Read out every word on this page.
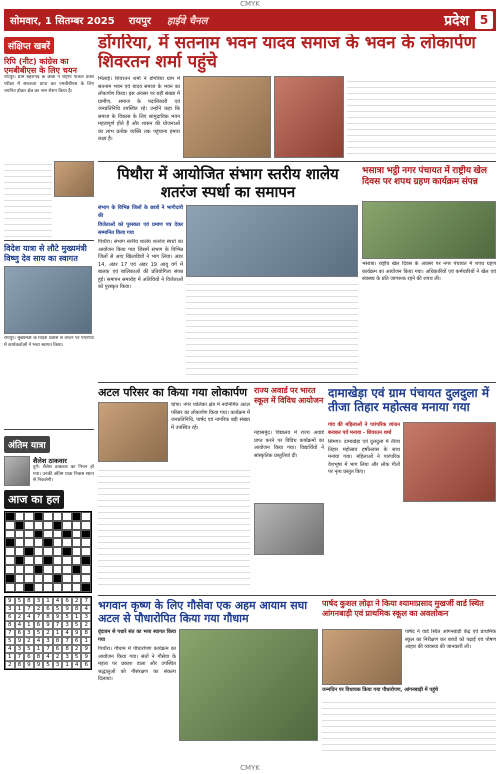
CMYK
सोमवार, 1 सितम्बर 2025	रायपुर	हाईवे चैनल	प्रदेश 5
संक्षिप्त खबरें
रिपि (नीट) कांग्रेस का एमबीबीएस के लिए चयन
रायपुर। ग्राम बहरागढ़ के छात्रों ने राष्ट्रीय पात्रता प्रवेश परीक्षा में सफलता प्राप्त कर एमबीबीएस के लिए चयनित होकर क्षेत्र का नाम रोशन किया है।
विदेश यात्रा से लौटे मुख्यमंत्री विष्णु देव साय का स्वागत
रायपुर। मुख्यमंत्री के विदेश प्रवास से लौटने पर एयरपोर्ट में कार्यकर्ताओं ने भव्य स्वागत किया।
अंतिम यात्रा
शैलेश ठाकवार
दुर्ग। शैलेश ठाकवार का निधन हो गया। उनकी अंतिम यात्रा निवास स्थान से निकलेगी।
आज का हल
9	5	8	3	1	4	6	2	7
3	1	7	2	6	5	9	8	4
6	2	4	7	8	9	5	1	3
8	4	1	6	9	7	3	5	2
7	6	3	5	2	1	4	9	8
5	9	2	4	3	8	7	6	1
4	3	5	1	7	6	8	2	9
1	7	6	8	4	2	3	5	9
2	8	9	9	5	3	1	4	6
डोंगरिया, में सतनाम भवन यादव समाज के भवन के लोकार्पण शिवरतन शर्मा पहुंचे
भिलाई। शिवरतन शर्मा ने डोंगरिया ग्राम में सतनाम भवन एवं यादव समाज के भवन का लोकार्पण किया। इस अवसर पर बड़ी संख्या में ग्रामीण, समाज के पदाधिकारी एवं जनप्रतिनिधि उपस्थित रहे। उन्होंने कहा कि समाज के विकास के लिए सामुदायिक भवन महत्वपूर्ण होते हैं और शासन की योजनाओं का लाभ प्रत्येक व्यक्ति तक पहुंचाना हमारा लक्ष्य है।
पिथौरा में आयोजित संभाग स्तरीय शालेय शतरंज स्पर्धा का समापन
संभाग के विभिन्न जिलों के छात्रों ने भागीदारी की
विजेताओं को पुरस्कार एवं प्रमाण पत्र देकर सम्मानित किया गया
पिथौरा। संभाग स्तरीय शालेय शतरंज स्पर्धा का आयोजन किया गया जिसमें संभाग के विभिन्न जिलों से आए खिलाड़ियों ने भाग लिया। अंडर 14, अंडर 17 एवं अंडर 19 आयु वर्ग में बालक एवं बालिकाओं की प्रतियोगिता संपन्न हुई। समापन समारोह में अतिथियों ने विजेताओं को पुरस्कृत किया।
भसात्रा भट्ठी नगर पंचायत में राष्ट्रीय खेल दिवस पर शपथ ग्रहण कार्यक्रम संपन्न
भसात्रा। राष्ट्रीय खेल दिवस के अवसर पर नगर पंचायत में शपथ ग्रहण कार्यक्रम का आयोजन किया गया। अधिकारियों एवं कर्मचारियों ने खेल एवं स्वास्थ्य के प्रति जागरूक रहने की शपथ ली।
अटल परिसर का किया गया लोकार्पण
चांपा। नगर पालिका क्षेत्र में नवनिर्मित अटल परिसर का लोकार्पण किया गया। कार्यक्रम में जनप्रतिनिधि, पार्षद एवं नागरिक बड़ी संख्या में उपस्थित रहे।
राज्य अवार्ड पर भारत स्कूल में विविध आयोजन
महासमुंद। विद्यालय में राज्य अवार्ड प्राप्त करने पर विविध कार्यक्रमों का आयोजन किया गया। विद्यार्थियों ने सांस्कृतिक प्रस्तुतियां दीं।
दामाखेड़ा एवं ग्राम पंचायत दुलदुला में तीजा तिहार महोत्सव मनाया गया
गांव की महिलाओं ने पारंपरिक व्यंजन बनाकर पर्व मनाया - शिवरतन शर्मा
सिमगा। दामाखेड़ा एवं दुलदुला में तीजा तिहार महोत्सव हर्षोल्लास के साथ मनाया गया। महिलाओं ने पारंपरिक वेशभूषा में भाग लिया और लोक गीतों पर नृत्य प्रस्तुत किए।
भगवान कृष्ण के लिए गौसेवा एक अहम आयाम सघा अटल से पौधारोपित किया गया गौधाम
वृंदावन से पधारे संत का भव्य स्वागत किया गया
पिथौरा। गौधाम में पौधारोपण कार्यक्रम का आयोजन किया गया। संतों ने गौसेवा के महत्व पर प्रकाश डाला और उपस्थित श्रद्धालुओं को गौसंरक्षण का संकल्प दिलाया।
पार्षद कुशल लोढ़ा ने किया श्यामाप्रसाद मुखर्जी वार्ड स्थित आंगनबाड़ी एवं प्राथमिक स्कूल का अवलोकन
पार्षद ने वार्ड स्थित आंगनबाड़ी केंद्र एवं प्राथमिक स्कूल का निरीक्षण कर बच्चों को पढ़ाई एवं पोषण आहार की व्यवस्था की जानकारी ली।
जन्मदिन पर विधायक किया गया पौधारोपण, आंगनबाड़ी में पहुंचे
CMYK
